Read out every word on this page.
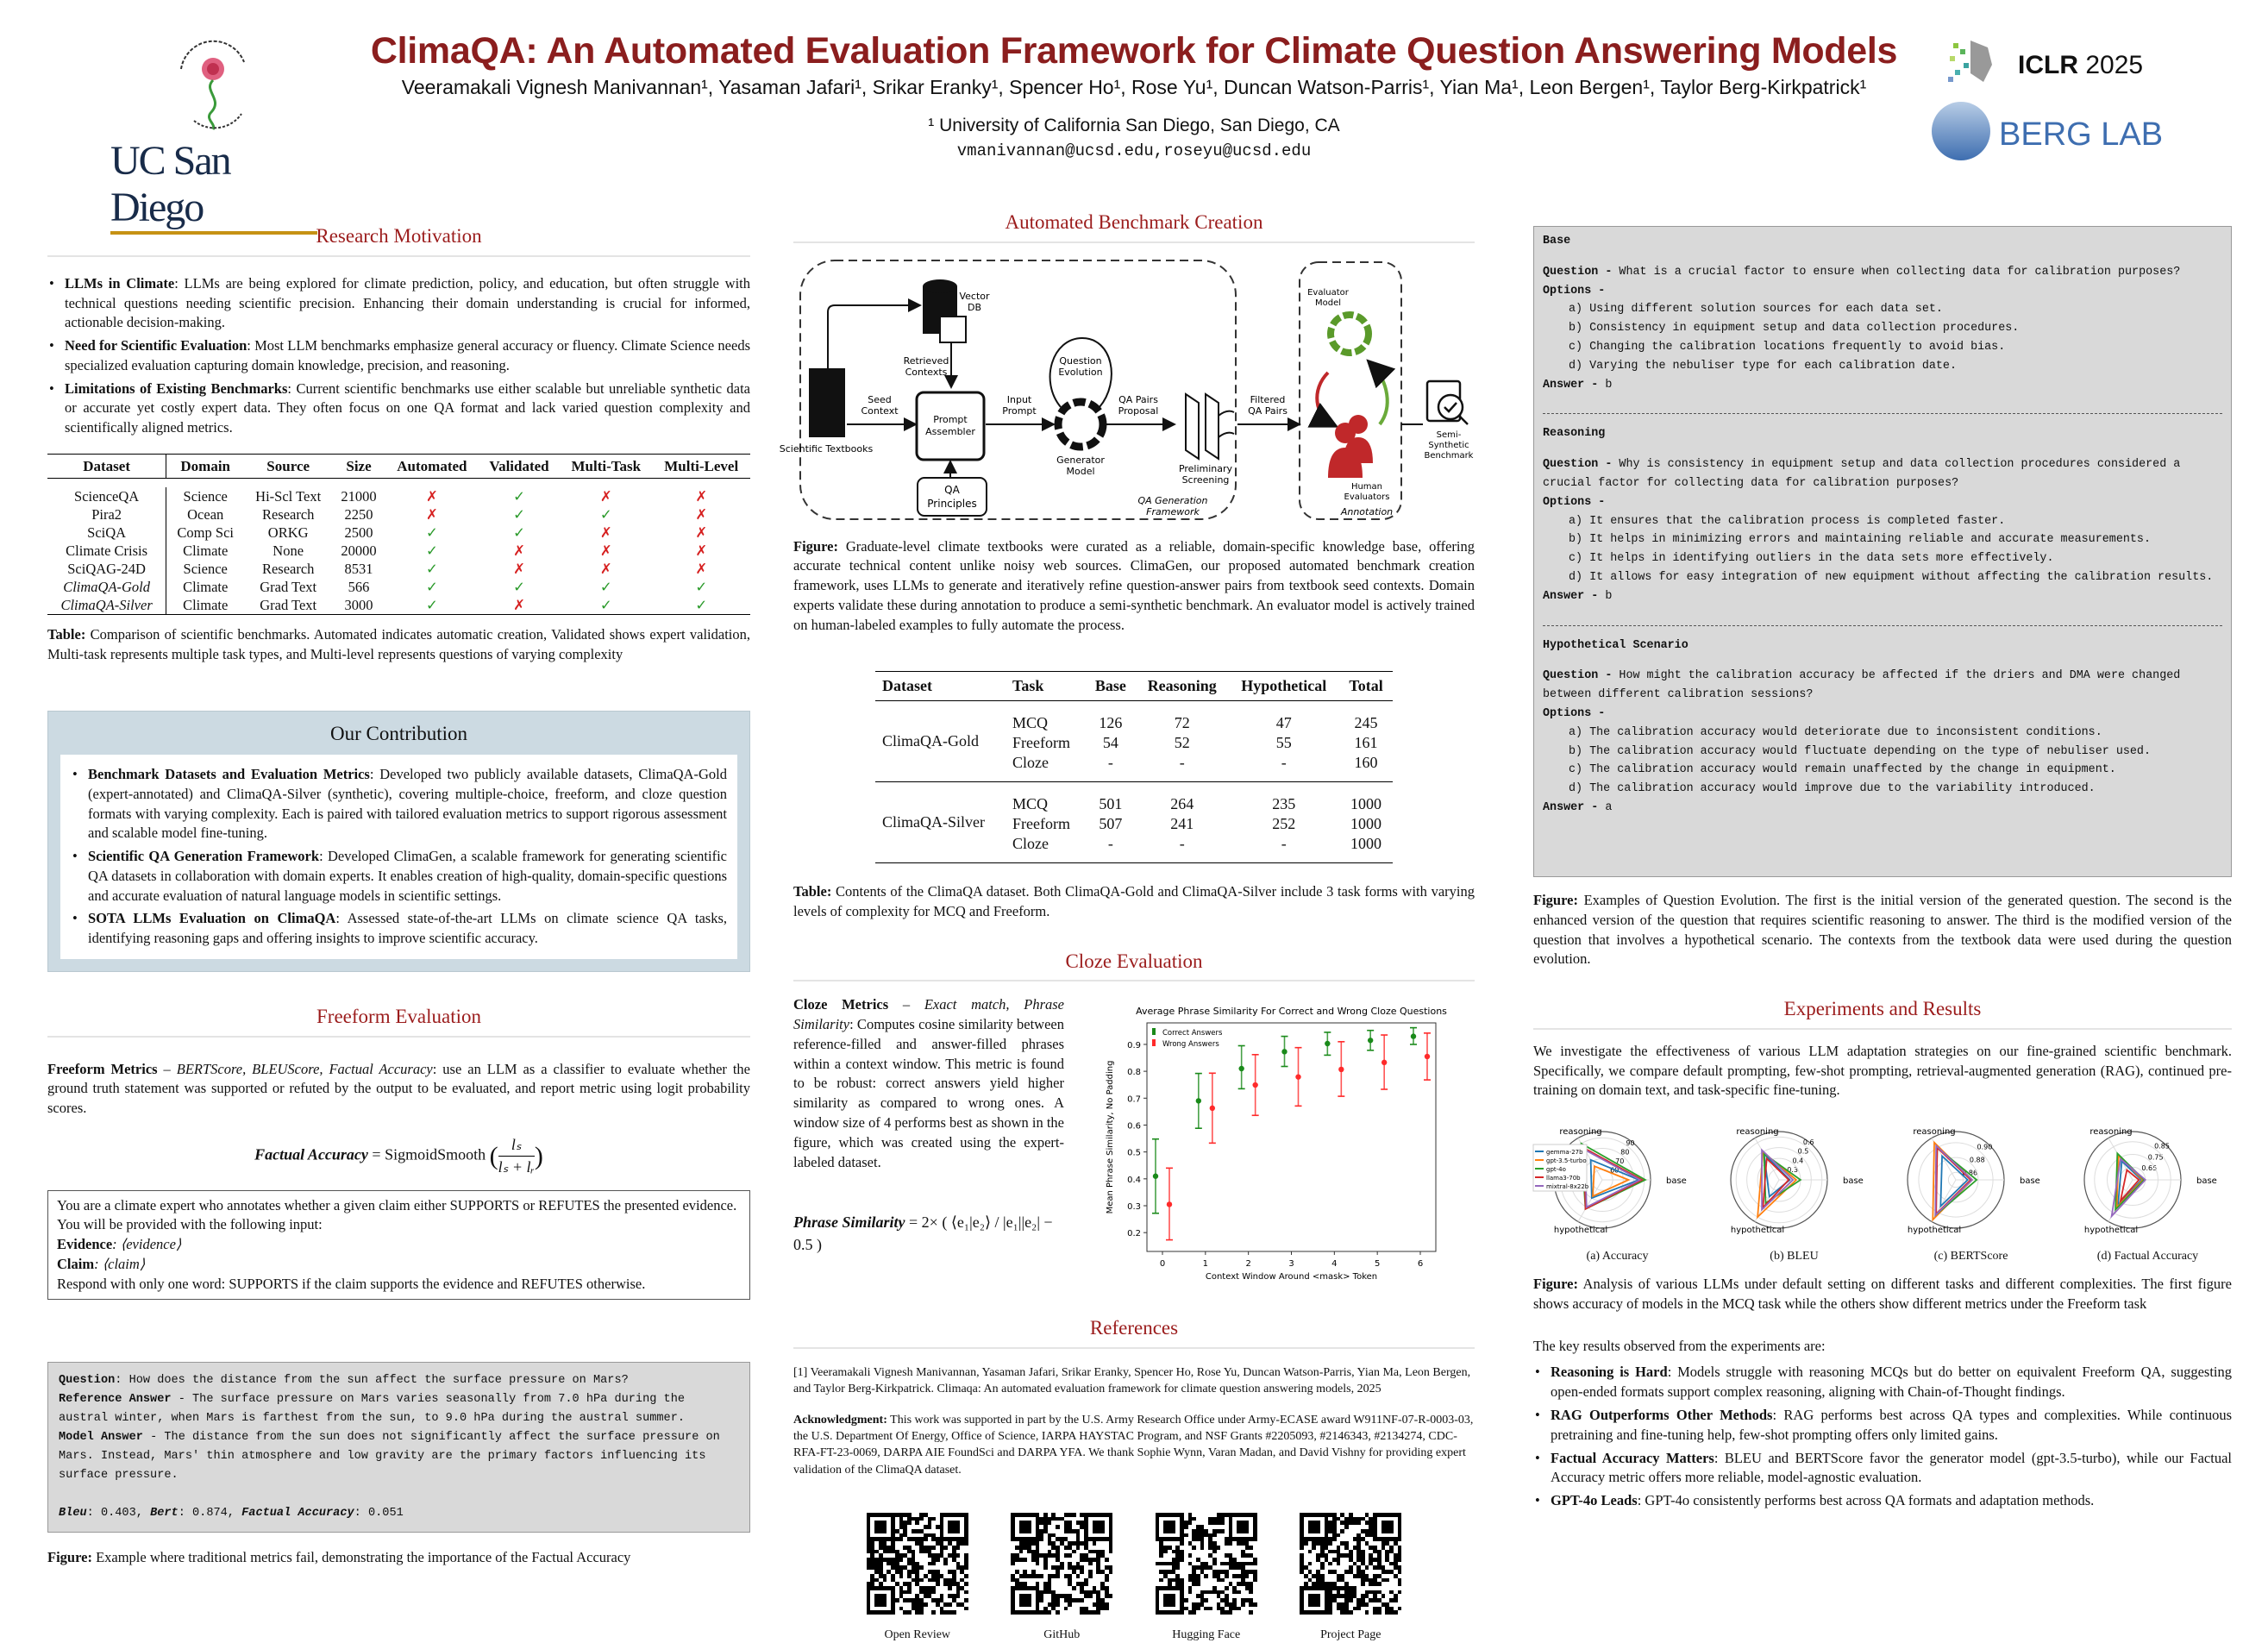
ClimaQA: An Automated Evaluation Framework for Climate Question Answering Models
Veeramakali Vignesh Manivannan¹, Yasaman Jafari¹, Srikar Eranky¹, Spencer Ho¹, Rose Yu¹, Duncan Watson-Parris¹, Yian Ma¹, Leon Bergen¹, Taylor Berg-Kirkpatrick¹
¹ University of California San Diego, San Diego, CA
vmanivannan@ucsd.edu,roseyu@ucsd.edu
UC San Diego
ICLR 2025
BERG LAB
Research Motivation
• LLMs in Climate: LLMs are being explored for climate prediction, policy, and education, but often struggle with technical questions needing scientific precision. Enhancing their domain understanding is crucial for informed, actionable decision-making.
• Need for Scientific Evaluation: Most LLM benchmarks emphasize general accuracy or fluency. Climate Science needs specialized evaluation capturing domain knowledge, precision, and reasoning.
• Limitations of Existing Benchmarks: Current scientific benchmarks use either scalable but unreliable synthetic data or accurate yet costly expert data. They often focus on one QA format and lack varied question complexity and scientifically aligned metrics.
Dataset	Domain	Source	Size	Automated	Validated	Multi-Task	Multi-Level

ScienceQA	Science	Hi-Scl Text	21000	✗	✓	✗	✗
Pira2	Ocean	Research	2250	✗	✓	✓	✗
SciQA	Comp Sci	ORKG	2500	✓	✓	✗	✗
Climate Crisis	Climate	None	20000	✓	✗	✗	✗
SciQAG-24D	Science	Research	8531	✓	✗	✗	✗
ClimaQA-Gold	Climate	Grad Text	566	✓	✓	✓	✓
ClimaQA-Silver	Climate	Grad Text	3000	✓	✗	✓	✓
Table: Comparison of scientific benchmarks. Automated indicates automatic creation, Validated shows expert validation, Multi-task represents multiple task types, and Multi-level represents questions of varying complexity
Our Contribution
• Benchmark Datasets and Evaluation Metrics: Developed two publicly available datasets, ClimaQA-Gold (expert-annotated) and ClimaQA-Silver (synthetic), covering multiple-choice, freeform, and cloze question formats with varying complexity. Each is paired with tailored evaluation metrics to support rigorous assessment and scalable model fine-tuning.
• Scientific QA Generation Framework: Developed ClimaGen, a scalable framework for generating scientific QA datasets in collaboration with domain experts. It enables creation of high-quality, domain-specific questions and accurate evaluation of natural language models in scientific settings.
• SOTA LLMs Evaluation on ClimaQA: Assessed state-of-the-art LLMs on climate science QA tasks, identifying reasoning gaps and offering insights to improve scientific accuracy.
Freeform Evaluation
Freeform Metrics – BERTScore, BLEUScore, Factual Accuracy: use an LLM as a classifier to evaluate whether the ground truth statement was supported or refuted by the output to be evaluated, and report metric using logit probability scores.
Factual Accuracy = SigmoidSmooth ( $\frac{\text{lₛ}}{\text{lₛ + lᵣ}}$ )
You are a climate expert who annotates whether a given claim either SUPPORTS or REFUTES the presented evidence. You will be provided with the following input:
Evidence: ⟨evidence⟩
Claim: ⟨claim⟩
Respond with only one word: SUPPORTS if the claim supports the evidence and REFUTES otherwise.
Question: How does the distance from the sun affect the surface pressure on Mars?
Reference Answer - The surface pressure on Mars varies seasonally from 7.0 hPa during the austral winter, when Mars is farthest from the sun, to 9.0 hPa during the austral summer.
Model Answer - The distance from the sun does not significantly affect the surface pressure on Mars. Instead, Mars' thin atmosphere and low gravity are the primary factors influencing its surface pressure.
Bleu: 0.403, Bert: 0.874, Factual Accuracy: 0.051
Figure: Example where traditional metrics fail, demonstrating the importance of the Factual Accuracy
Automated Benchmark Creation
Scientific Textbooks
Vector
DB
Retrieved
Contexts
Seed
Context
Prompt
Assembler
QA
Principles
Input
Prompt
Question
Evolution
Generator
Model
QA Pairs
Proposal
Preliminary
Screening
QA Generation
Framework
Filtered
QA Pairs
Evaluator
Model
Human
Evaluators
Annotation
Semi-
Synthetic
Benchmark
Figure: Graduate-level climate textbooks were curated as a reliable, domain-specific knowledge base, offering accurate technical content unlike noisy web sources. ClimaGen, our proposed automated benchmark creation framework, uses LLMs to generate and iteratively refine question-answer pairs from textbook seed contexts. Domain experts validate these during annotation to produce a semi-synthetic benchmark. An evaluator model is actively trained on human-labeled examples to fully automate the process.
Dataset	Task	Base	Reasoning	Hypothetical	Total
ClimaQA-Gold	MCQ	126	72	47	245
	Freeform	54	52	55	161
	Cloze	-	-	-	160
ClimaQA-Silver	MCQ	501	264	235	1000
	Freeform	507	241	252	1000
	Cloze	-	-	-	1000
Table: Contents of the ClimaQA dataset. Both ClimaQA-Gold and ClimaQA-Silver include 3 task forms with varying levels of complexity for MCQ and Freeform.
Cloze Evaluation
Cloze Metrics – Exact match, Phrase Similarity: Computes cosine similarity between reference-filled and answer-filled phrases within a context window. This metric is found to be robust: correct answers yield higher similarity as compared to wrong ones. A window size of 4 performs best as shown in the figure, which was created using the expert-labeled dataset.
Phrase Similarity = 2× ( ⟨e₁|e₂⟩ / |e₁||e₂| − 0.5 )
Average Phrase Similarity For Correct and Wrong Cloze Questions
0.2
0.3
0.4
0.5
0.6
0.7
0.8
0.9
0	1	2	3	4	5	6
Context Window Around <mask> Token
Mean Phrase Similarity, No Padding
Correct Answers
Wrong Answers
References
[1] Veeramakali Vignesh Manivannan, Yasaman Jafari, Srikar Eranky, Spencer Ho, Rose Yu, Duncan Watson-Parris, Yian Ma, Leon Bergen, and Taylor Berg-Kirkpatrick. Climaqa: An automated evaluation framework for climate question answering models, 2025
Acknowledgment: This work was supported in part by the U.S. Army Research Office under Army-ECASE award W911NF-07-R-0003-03, the U.S. Department Of Energy, Office of Science, IARPA HAYSTAC Program, and NSF Grants #2205093, #2146343, #2134274, CDC-RFA-FT-23-0069, DARPA AIE FoundSci and DARPA YFA. We thank Sophie Wynn, Varan Madan, and David Vishny for providing expert validation of the ClimaQA dataset.
Open Review	GitHub	Hugging Face	Project Page
Base
Question - What is a crucial factor to ensure when collecting data for calibration purposes?
Options -
a) Using different solution sources for each data set.
b) Consistency in equipment setup and data collection procedures.
c) Changing the calibration locations frequently to avoid bias.
d) Varying the nebuliser type for each calibration date.
Answer - b
Reasoning
Question - Why is consistency in equipment setup and data collection procedures considered a crucial factor for collecting data for calibration purposes?
Options -
a) It ensures that the calibration process is completed faster.
b) It helps in minimizing errors and maintaining reliable and accurate measurements.
c) It helps in identifying outliers in the data sets more effectively.
d) It allows for easy integration of new equipment without affecting the calibration results.
Answer - b
Hypothetical Scenario
Question - How might the calibration accuracy be affected if the driers and DMA were changed between different calibration sessions?
Options -
a) The calibration accuracy would deteriorate due to inconsistent conditions.
b) The calibration accuracy would fluctuate depending on the type of nebuliser used.
c) The calibration accuracy would remain unaffected by the change in equipment.
d) The calibration accuracy would improve due to the variability introduced.
Answer - a
Figure: Examples of Question Evolution. The first is the initial version of the generated question. The second is the enhanced version of the question that requires scientific reasoning to answer. The third is the modified version of the question that involves a hypothetical scenario. The contexts from the textbook data were used during the question evolution.
Experiments and Results
We investigate the effectiveness of various LLM adaptation strategies on our fine-grained scientific benchmark. Specifically, we compare default prompting, few-shot prompting, retrieval-augmented generation (RAG), continued pre-training on domain text, and task-specific fine-tuning.
60
70
80
90
base
reasoning
hypothetical
gemma-27b
gpt-3.5-turbo
gpt-4o
llama3-70b
mixtral-8x22b
(a) Accuracy
0.3
0.4
0.5
0.6
base
reasoning
hypothetical
(b) BLEU
0.86
0.88
0.90
base
reasoning
hypothetical
(c) BERTScore
0.65
0.75
0.85
base
reasoning
hypothetical
(d) Factual Accuracy
Figure: Analysis of various LLMs under default setting on different tasks and different complexities. The first figure shows accuracy of models in the MCQ task while the others show different metrics under the Freeform task
The key results observed from the experiments are:
• Reasoning is Hard: Models struggle with reasoning MCQs but do better on equivalent Freeform QA, suggesting open-ended formats support complex reasoning, aligning with Chain-of-Thought findings.
• RAG Outperforms Other Methods: RAG performs best across QA types and complexities. While continuous pretraining and fine-tuning help, few-shot prompting offers only limited gains.
• Factual Accuracy Matters: BLEU and BERTScore favor the generator model (gpt-3.5-turbo), while our Factual Accuracy metric offers more reliable, model-agnostic evaluation.
• GPT-4o Leads: GPT-4o consistently performs best across QA formats and adaptation methods.
